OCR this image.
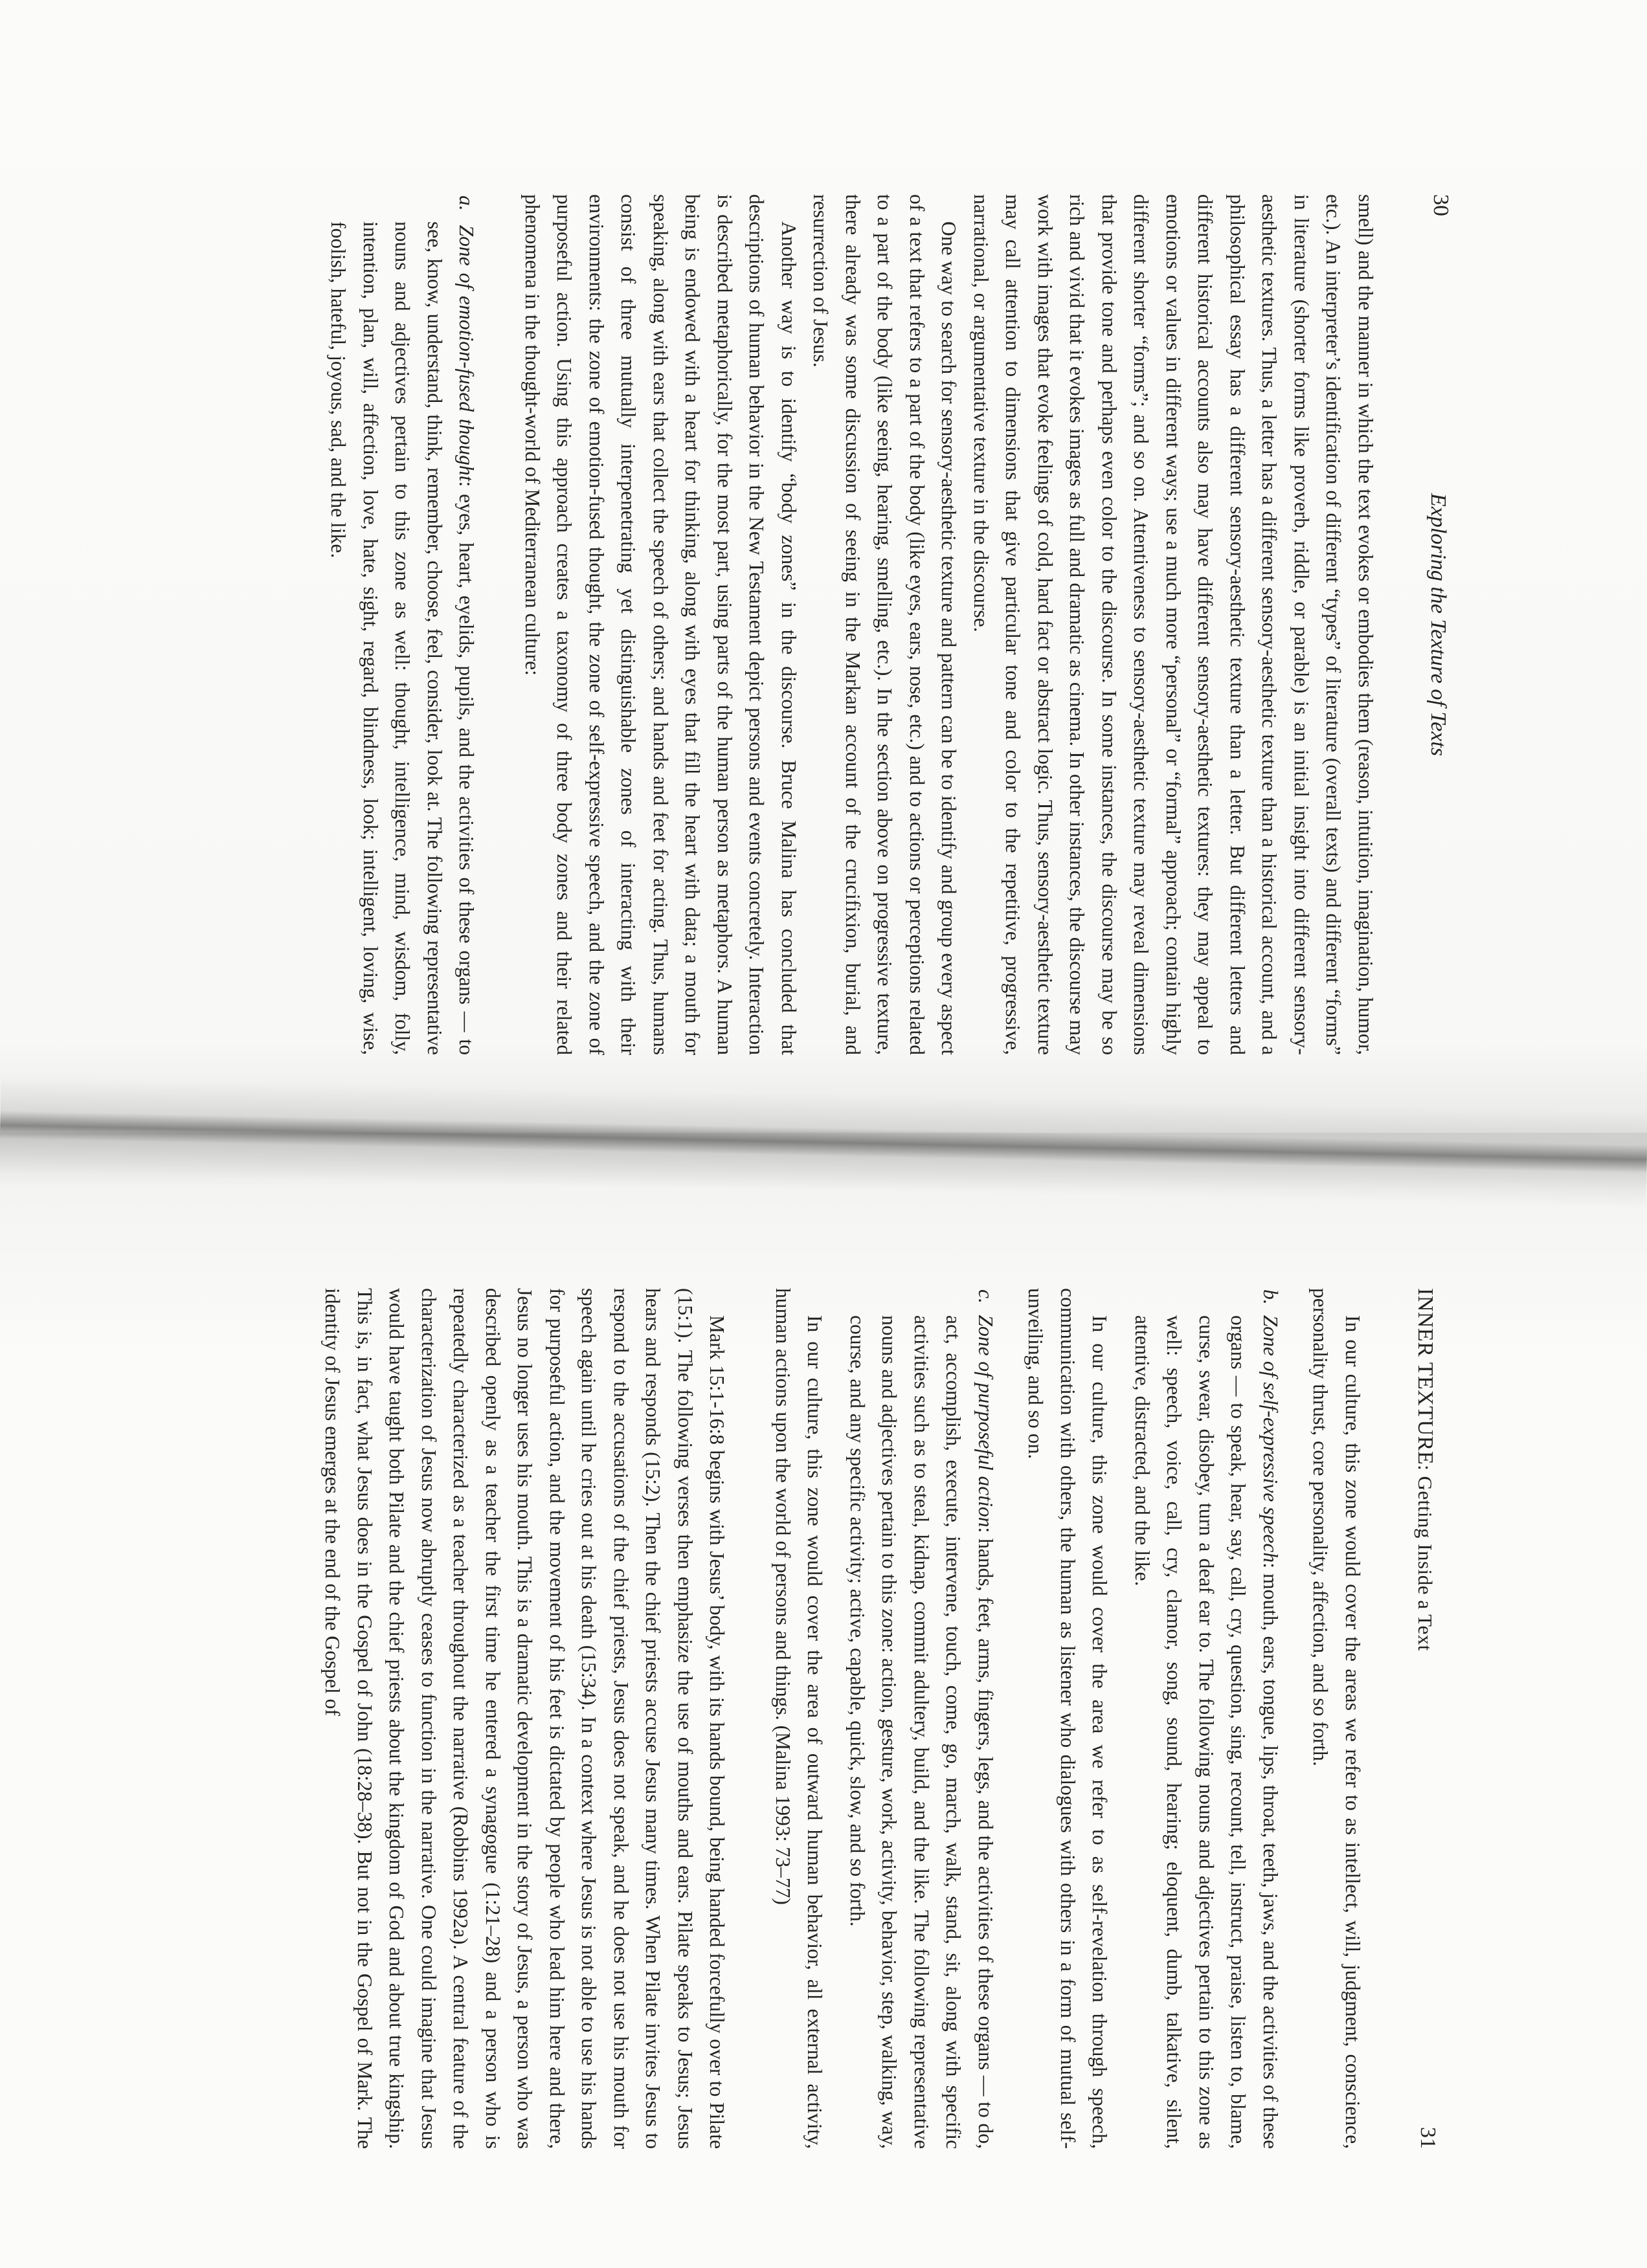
30
Exploring the Texture of Texts

smell) and the manner in which the text evokes or embodies them (reason, intuition, imagination, humor, etc.). An interpreter’s identification of different “types” of literature (overall texts) and different “forms” in literature (shorter forms like proverb, riddle, or parable) is an initial insight into different sensory-aesthetic textures. Thus, a letter has a different sensory-aesthetic texture than a historical account, and a philosophical essay has a different sensory-aesthetic texture than a letter. But different letters and different historical accounts also may have different sensory-aesthetic textures: they may appeal to emotions or values in different ways; use a much more “personal” or “formal” approach; contain highly different shorter “forms”; and so on. Attentiveness to sensory-aesthetic texture may reveal dimensions that provide tone and perhaps even color to the discourse. In some instances, the discourse may be so rich and vivid that it evokes images as full and dramatic as cinema. In other instances, the discourse may work with images that evoke feelings of cold, hard fact or abstract logic. Thus, sensory-aesthetic texture may call attention to dimensions that give particular tone and color to the repetitive, progressive, narrational, or argumentative texture in the discourse.

One way to search for sensory-aesthetic texture and pattern can be to identify and group every aspect of a text that refers to a part of the body (like eyes, ears, nose, etc.) and to actions or perceptions related to a part of the body (like seeing, hearing, smelling, etc.). In the section above on progressive texture, there already was some discussion of seeing in the Markan account of the crucifixion, burial, and resurrection of Jesus.

Another way is to identify “body zones” in the discourse. Bruce Malina has concluded that descriptions of human behavior in the New Testament depict persons and events concretely. Interaction is described metaphorically, for the most part, using parts of the human person as metaphors. A human being is endowed with a heart for thinking, along with eyes that fill the heart with data; a mouth for speaking, along with ears that collect the speech of others; and hands and feet for acting. Thus, humans consist of three mutually interpenetrating yet distinguishable zones of interacting with their environments: the zone of emotion-fused thought, the zone of self-expressive speech, and the zone of purposeful action. Using this approach creates a taxonomy of three body zones and their related phenomena in the thought-world of Mediterranean culture:

a.  Zone of emotion-fused thought: eyes, heart, eyelids, pupils, and the activities of these organs — to see, know, understand, think, remember, choose, feel, consider, look at. The following representative nouns and adjectives pertain to this zone as well: thought, intelligence, mind, wisdom, folly, intention, plan, will, affection, love, hate, sight, regard, blindness, look; intelligent, loving, wise, foolish, hateful, joyous, sad, and the like.

INNER TEXTURE: Getting Inside a Text
31

In our culture, this zone would cover the areas we refer to as intellect, will, judgment, conscience, personality thrust, core personality, affection, and so forth.

b.  Zone of self-expressive speech: mouth, ears, tongue, lips, throat, teeth, jaws, and the activities of these organs — to speak, hear, say, call, cry, question, sing, recount, tell, instruct, praise, listen to, blame, curse, swear, disobey, turn a deaf ear to. The following nouns and adjectives pertain to this zone as well: speech, voice, call, cry, clamor, song, sound, hearing; eloquent, dumb, talkative, silent, attentive, distracted, and the like.

In our culture, this zone would cover the area we refer to as self-revelation through speech, communication with others, the human as listener who dialogues with others in a form of mutual self-unveiling, and so on.

c.  Zone of purposeful action: hands, feet, arms, fingers, legs, and the activities of these organs — to do, act, accomplish, execute, intervene, touch, come, go, march, walk, stand, sit, along with specific activities such as to steal, kidnap, commit adultery, build, and the like. The following representative nouns and adjectives pertain to this zone: action, gesture, work, activity, behavior, step, walking, way, course, and any specific activity; active, capable, quick, slow, and so forth.

In our culture, this zone would cover the area of outward human behavior, all external activity, human actions upon the world of persons and things. (Malina 1993: 73–77)

Mark 15:1-16:8 begins with Jesus’ body, with its hands bound, being handed forcefully over to Pilate (15:1). The following verses then emphasize the use of mouths and ears. Pilate speaks to Jesus; Jesus hears and responds (15:2). Then the chief priests accuse Jesus many times. When Pilate invites Jesus to respond to the accusations of the chief priests, Jesus does not speak, and he does not use his mouth for speech again until he cries out at his death (15:34). In a context where Jesus is not able to use his hands for purposeful action, and the movement of his feet is dictated by people who lead him here and there, Jesus no longer uses his mouth. This is a dramatic development in the story of Jesus, a person who was described openly as a teacher the first time he entered a synagogue (1:21–28) and a person who is repeatedly characterized as a teacher throughout the narrative (Robbins 1992a). A central feature of the characterization of Jesus now abruptly ceases to function in the narrative. One could imagine that Jesus would have taught both Pilate and the chief priests about the kingdom of God and about true kingship. This is, in fact, what Jesus does in the Gospel of John (18:28–38). But not in the Gospel of Mark. The identity of Jesus emerges at the end of the Gospel of
